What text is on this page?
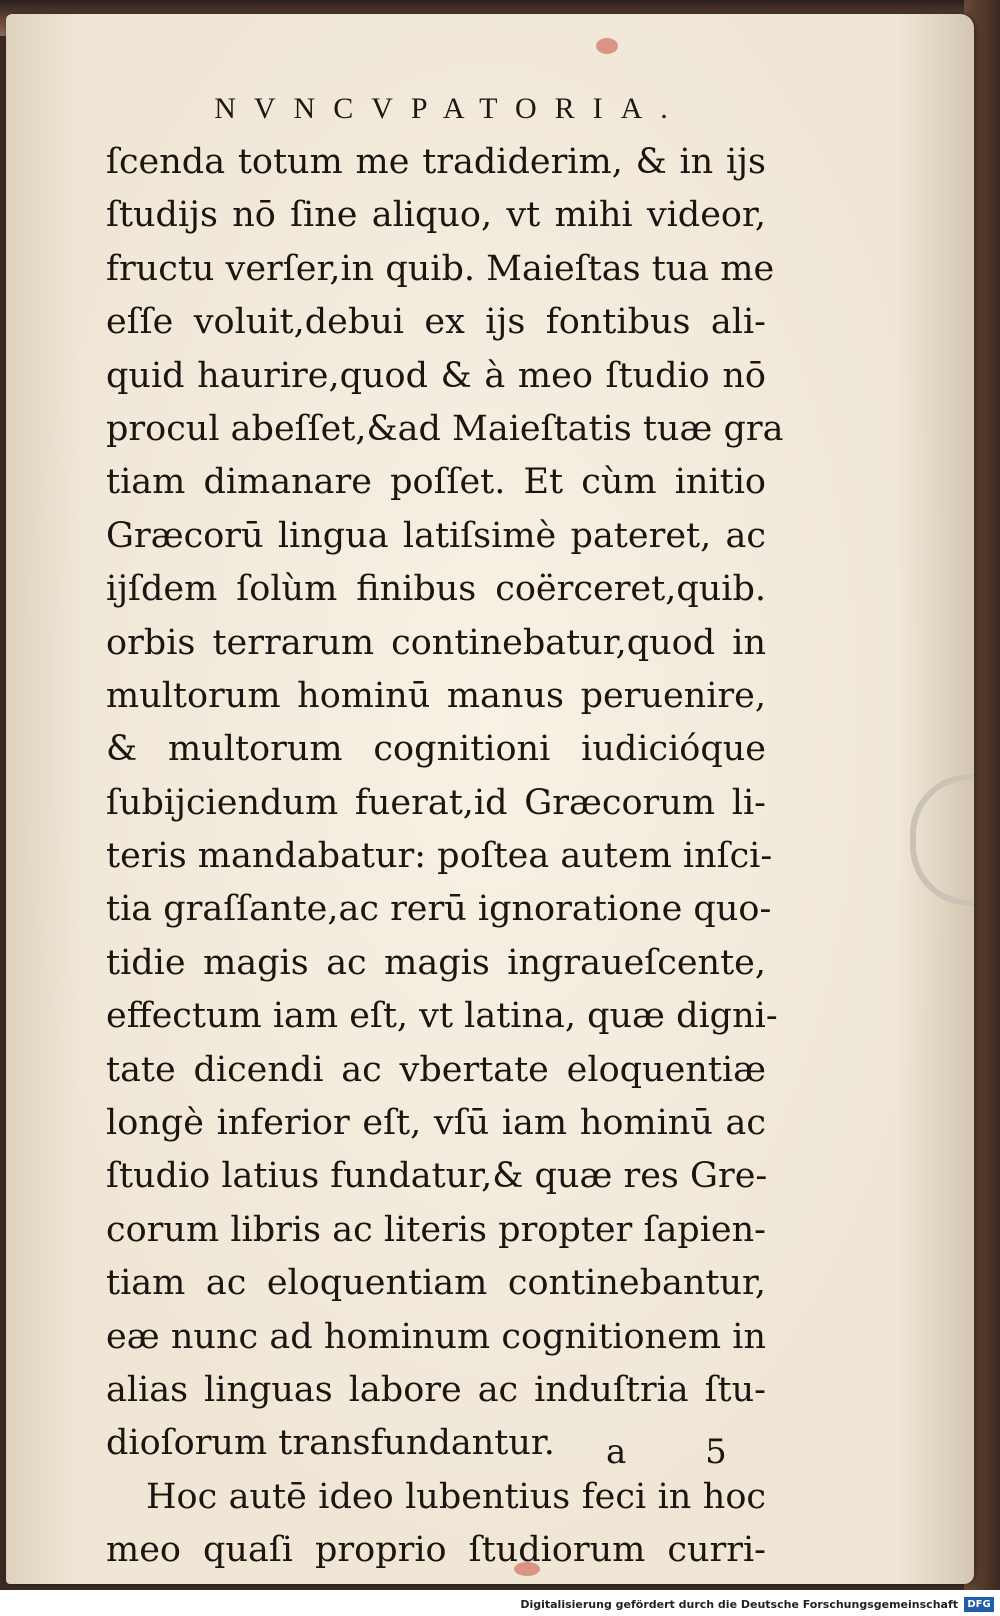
NVNCVPATORIA.
ſcenda totum me tradiderim, & in ijs
ſtudijs nō ſine aliquo, vt mihi videor,
fructu verſer,in quib. Maieſtas tua me
eſſe voluit,debui ex ijs fontibus ali-
quid haurire,quod & à meo ſtudio nō
procul abeſſet,&ad Maieſtatis tuæ gra
tiam dimanare poſſet. Et cùm initio
Græcorū lingua latiſsimè pateret, ac
ijſdem ſolùm finibus coërceret,quib.
orbis terrarum continebatur,quod in
multorum hominū manus peruenire,
& multorum cognitioni iudicióque
ſubijciendum fuerat,id Græcorum li-
teris mandabatur: poſtea autem inſci-
tia graſſante,ac rerū ignoratione quo-
tidie magis ac magis ingraueſcente,
effectum iam eſt, vt latina, quæ digni-
tate dicendi ac vbertate eloquentiæ
longè inferior eſt, vſū iam hominū ac
ſtudio latius fundatur,& quæ res Gre-
corum libris ac literis propter ſapien-
tiam ac eloquentiam continebantur,
eæ nunc ad hominum cognitionem in
alias linguas labore ac induſtria ſtu-
dioſorum transfundantur.
Hoc autē ideo lubentius feci in hoc
meo quaſi proprio ſtudiorum curri-
a 5
Digitalisierung gefördert durch die Deutsche Forschungsgemeinschaft DFG
